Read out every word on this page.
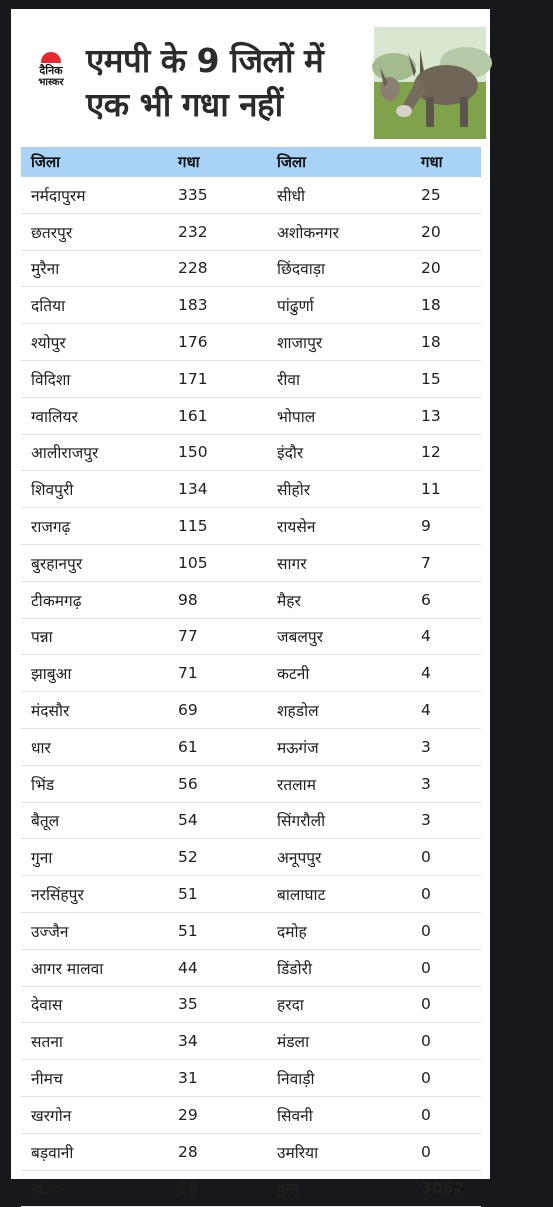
दैनिक
भास्कर
एमपी के 9 जिलों में
एक भी गधा नहीं
जिला	गधा	जिला	गधा
नर्मदापुरम	335	सीधी	25
छतरपुर	232	अशोकनगर	20
मुरैना	228	छिंदवाड़ा	20
दतिया	183	पांढुर्णा	18
श्योपुर	176	शाजापुर	18
विदिशा	171	रीवा	15
ग्वालियर	161	भोपाल	13
आलीराजपुर	150	इंदौर	12
शिवपुरी	134	सीहोर	11
राजगढ़	115	रायसेन	9
बुरहानपुर	105	सागर	7
टीकमगढ़	98	मैहर	6
पन्ना	77	जबलपुर	4
झाबुआ	71	कटनी	4
मंदसौर	69	शहडोल	4
धार	61	मऊगंज	3
भिंड	56	रतलाम	3
बैतूल	54	सिंगरौली	3
गुना	52	अनूपपुर	0
नरसिंहपुर	51	बालाघाट	0
उज्जैन	51	दमोह	0
आगर मालवा	44	डिंडोरी	0
देवास	35	हरदा	0
सतना	34	मंडला	0
नीमच	31	निवाड़ी	0
खरगोन	29	सिवनी	0
बड़वानी	28	उमरिया	0
खंडवा	26	कुल	3052
